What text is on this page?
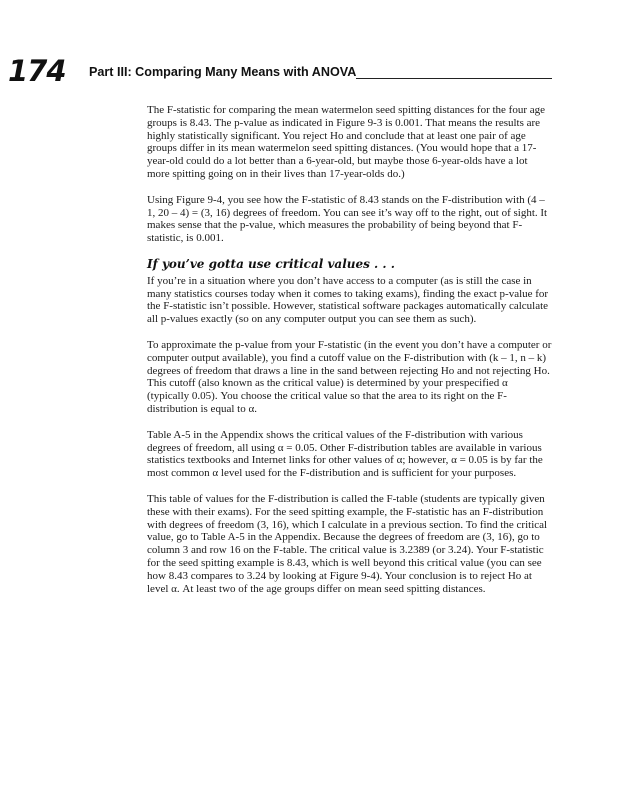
174 Part III: Comparing Many Means with ANOVA

The F-statistic for comparing the mean watermelon seed spitting distances for the four age groups is 8.43. The p-value as indicated in Figure 9-3 is 0.001. That means the results are highly statistically significant. You reject Ho and conclude that at least one pair of age groups differ in its mean watermelon seed spitting distances. (You would hope that a 17-year-old could do a lot better than a 6-year-old, but maybe those 6-year-olds have a lot more spitting going on in their lives than 17-year-olds do.)

Using Figure 9-4, you see how the F-statistic of 8.43 stands on the F-distribution with (4 – 1, 20 – 4) = (3, 16) degrees of freedom. You can see it’s way off to the right, out of sight. It makes sense that the p-value, which measures the probability of being beyond that F-statistic, is 0.001.

If you’ve gotta use critical values . . .

If you’re in a situation where you don’t have access to a computer (as is still the case in many statistics courses today when it comes to taking exams), finding the exact p-value for the F-statistic isn’t possible. However, statistical software packages automatically calculate all p-values exactly (so on any computer output you can see them as such).

To approximate the p-value from your F-statistic (in the event you don’t have a computer or computer output available), you find a cutoff value on the F-distribution with (k – 1, n – k) degrees of freedom that draws a line in the sand between rejecting Ho and not rejecting Ho. This cutoff (also known as the critical value) is determined by your prespecified α (typically 0.05). You choose the critical value so that the area to its right on the F-distribution is equal to α.

Table A-5 in the Appendix shows the critical values of the F-distribution with various degrees of freedom, all using α = 0.05. Other F-distribution tables are available in various statistics textbooks and Internet links for other values of α; however, α = 0.05 is by far the most common α level used for the F-distribution and is sufficient for your purposes.

This table of values for the F-distribution is called the F-table (students are typically given these with their exams). For the seed spitting example, the F-statistic has an F-distribution with degrees of freedom (3, 16), which I calculate in a previous section. To find the critical value, go to Table A-5 in the Appendix. Because the degrees of freedom are (3, 16), go to column 3 and row 16 on the F-table. The critical value is 3.2389 (or 3.24). Your F-statistic for the seed spitting example is 8.43, which is well beyond this critical value (you can see how 8.43 compares to 3.24 by looking at Figure 9-4). Your conclusion is to reject Ho at level α. At least two of the age groups differ on mean seed spitting distances.
